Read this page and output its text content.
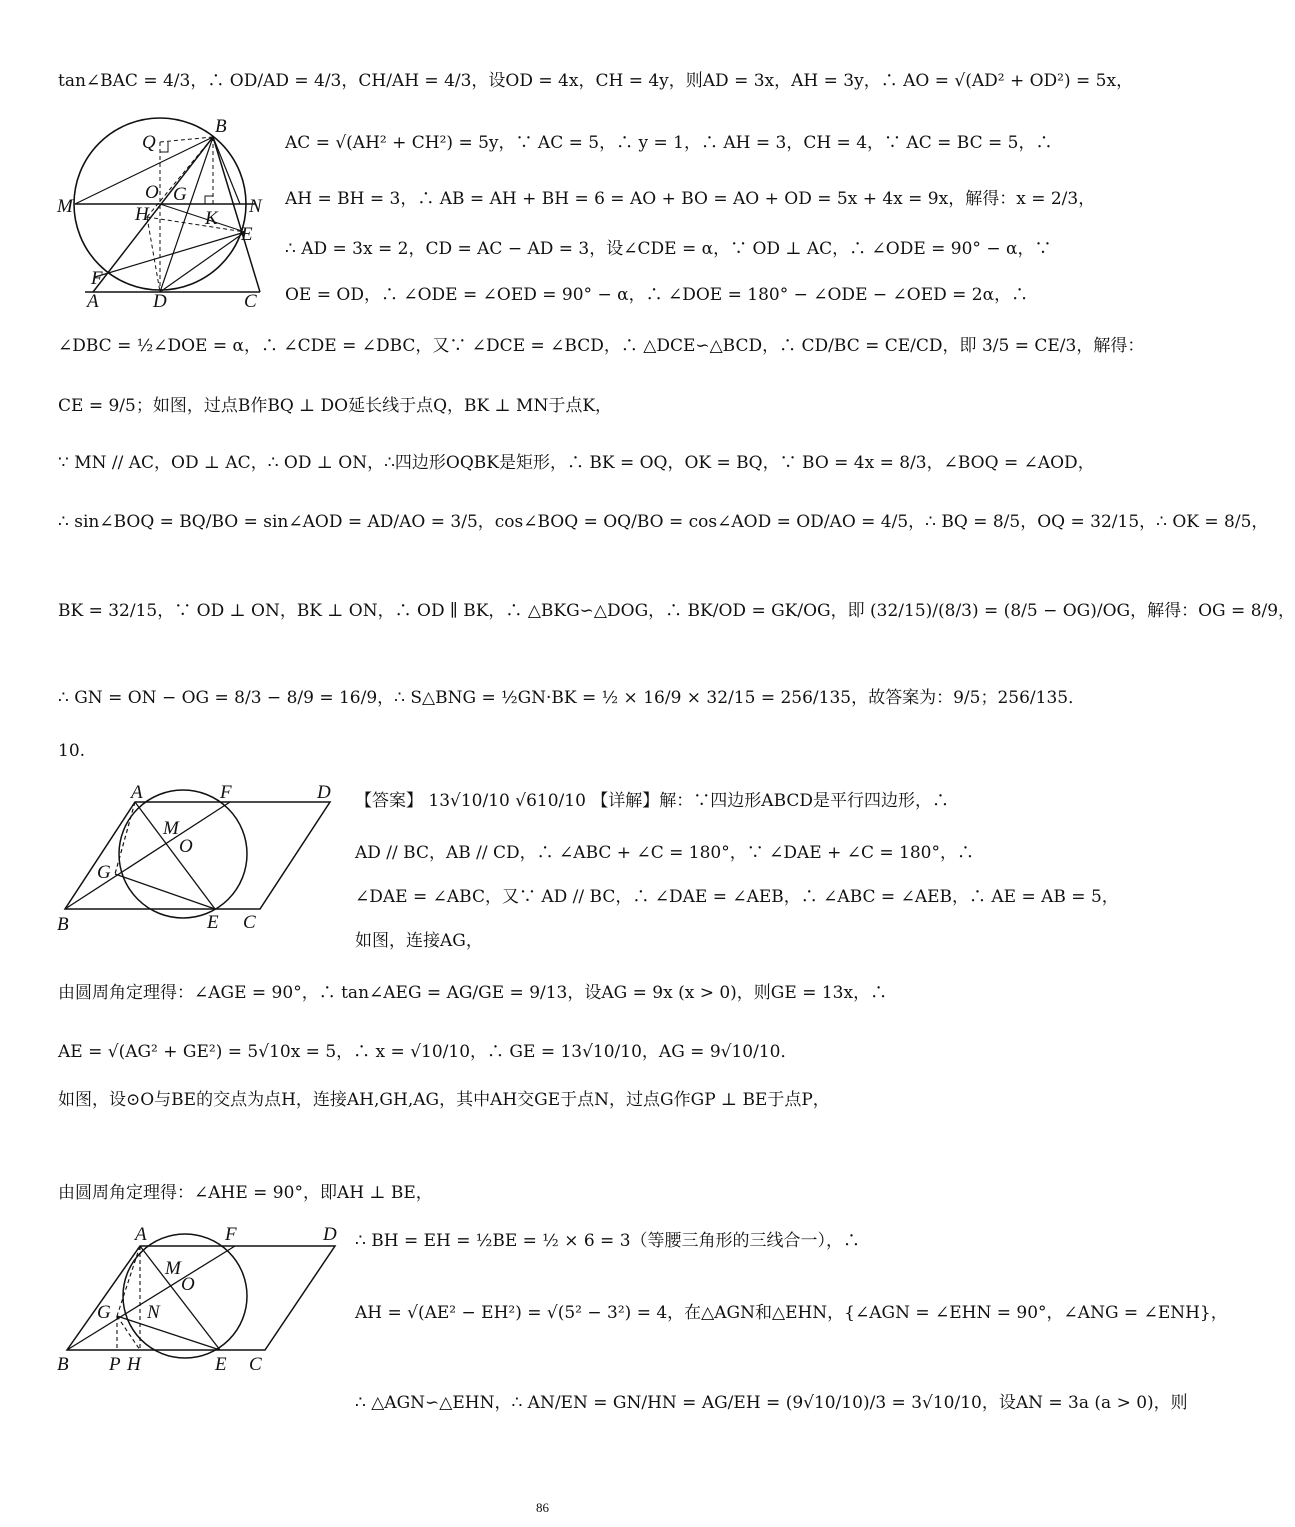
Q
B
O G
M	N
H	K
E
F
A	D	C
A	F	D
M
O
G
B	E C
A	F	D
M
O
G N
B P H	E C
tan∠BAC = 4/3，∴ OD/AD = 4/3，CH/AH = 4/3，设OD = 4x，CH = 4y，则AD = 3x，AH = 3y，∴ AO = √(AD² + OD²) = 5x，
AC = √(AH² + CH²) = 5y，∵ AC = 5，∴ y = 1，∴ AH = 3，CH = 4，∵ AC = BC = 5，∴
AH = BH = 3，∴ AB = AH + BH = 6 = AO + BO = AO + OD = 5x + 4x = 9x，解得：x = 2/3，
∴ AD = 3x = 2，CD = AC − AD = 3，设∠CDE = α，∵ OD ⊥ AC，∴ ∠ODE = 90° − α，∵
OE = OD，∴ ∠ODE = ∠OED = 90° − α，∴ ∠DOE = 180° − ∠ODE − ∠OED = 2α，∴
∠DBC = ½∠DOE = α，∴ ∠CDE = ∠DBC，又∵ ∠DCE = ∠BCD，∴ △DCE∽△BCD，∴ CD/BC = CE/CD，即 3/5 = CE/3，解得：
CE = 9/5；如图，过点B作BQ ⊥ DO延长线于点Q，BK ⊥ MN于点K，
∵ MN // AC，OD ⊥ AC，∴ OD ⊥ ON，∴四边形OQBK是矩形，∴ BK = OQ，OK = BQ，∵ BO = 4x = 8/3，∠BOQ = ∠AOD，
∴ sin∠BOQ = BQ/BO = sin∠AOD = AD/AO = 3/5，cos∠BOQ = OQ/BO = cos∠AOD = OD/AO = 4/5，∴ BQ = 8/5，OQ = 32/15，∴ OK = 8/5，
BK = 32/15，∵ OD ⊥ ON，BK ⊥ ON，∴ OD ∥ BK，∴ △BKG∽△DOG，∴ BK/OD = GK/OG，即 (32/15)/(8/3) = (8/5 − OG)/OG，解得：OG = 8/9，
∴ GN = ON − OG = 8/3 − 8/9 = 16/9，∴ S△BNG = ½GN·BK = ½ × 16/9 × 32/15 = 256/135，故答案为：9/5；256/135．
10.
【答案】 13√10/10 √610/10 【详解】解：∵四边形ABCD是平行四边形，∴
AD // BC，AB // CD，∴ ∠ABC + ∠C = 180°，∵ ∠DAE + ∠C = 180°，∴
∠DAE = ∠ABC，又∵ AD // BC，∴ ∠DAE = ∠AEB，∴ ∠ABC = ∠AEB，∴ AE = AB = 5，
如图，连接AG，
由圆周角定理得：∠AGE = 90°，∴ tan∠AEG = AG/GE = 9/13，设AG = 9x (x > 0)，则GE = 13x，∴
AE = √(AG² + GE²) = 5√10x = 5，∴ x = √10/10，∴ GE = 13√10/10，AG = 9√10/10．
如图，设⊙O与BE的交点为点H，连接AH,GH,AG，其中AH交GE于点N，过点G作GP ⊥ BE于点P，
由圆周角定理得：∠AHE = 90°，即AH ⊥ BE，
∴ BH = EH = ½BE = ½ × 6 = 3（等腰三角形的三线合一），∴
AH = √(AE² − EH²) = √(5² − 3²) = 4，在△AGN和△EHN，{∠AGN = ∠EHN = 90°，∠ANG = ∠ENH}，
∴ △AGN∽△EHN，∴ AN/EN = GN/HN = AG/EH = (9√10/10)/3 = 3√10/10，设AN = 3a (a > 0)，则
86
